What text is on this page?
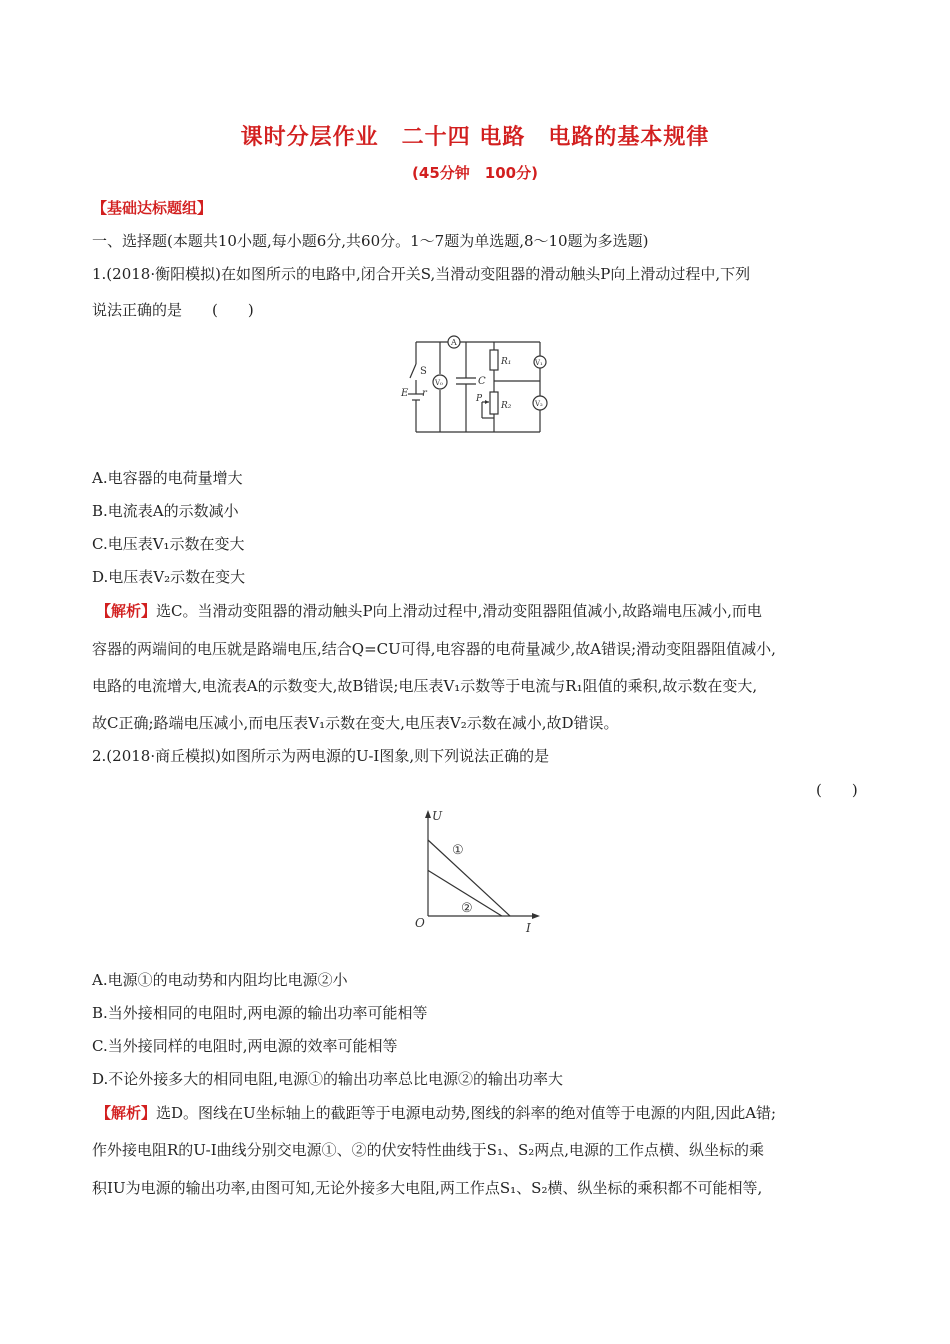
课时分层作业　二十四 电路　电路的基本规律
(45分钟　100分)
【基础达标题组】
一、选择题(本题共10小题,每小题6分,共60分。1～7题为单选题,8～10题为多选题)
1.(2018·衡阳模拟)在如图所示的电路中,闭合开关S,当滑动变阻器的滑动触头P向上滑动过程中,下列
说法正确的是　　(　　)
A
V₀
V₁
V₂
S
E r
C
R₁
R₂
P
A.电容器的电荷量增大
B.电流表A的示数减小
C.电压表V₁示数在变大
D.电压表V₂示数在变大
【解析】选C。当滑动变阻器的滑动触头P向上滑动过程中,滑动变阻器阻值减小,故路端电压减小,而电
容器的两端间的电压就是路端电压,结合Q=CU可得,电容器的电荷量减少,故A错误;滑动变阻器阻值减小,
电路的电流增大,电流表A的示数变大,故B错误;电压表V₁示数等于电流与R₁阻值的乘积,故示数在变大,
故C正确;路端电压减小,而电压表V₁示数在变大,电压表V₂示数在减小,故D错误。
2.(2018·商丘模拟)如图所示为两电源的U-I图象,则下列说法正确的是
(　　)
U
I
O
①
②
A.电源①的电动势和内阻均比电源②小
B.当外接相同的电阻时,两电源的输出功率可能相等
C.当外接同样的电阻时,两电源的效率可能相等
D.不论外接多大的相同电阻,电源①的输出功率总比电源②的输出功率大
【解析】选D。图线在U坐标轴上的截距等于电源电动势,图线的斜率的绝对值等于电源的内阻,因此A错;
作外接电阻R的U-I曲线分别交电源①、②的伏安特性曲线于S₁、S₂两点,电源的工作点横、纵坐标的乘
积IU为电源的输出功率,由图可知,无论外接多大电阻,两工作点S₁、S₂横、纵坐标的乘积都不可能相等,
